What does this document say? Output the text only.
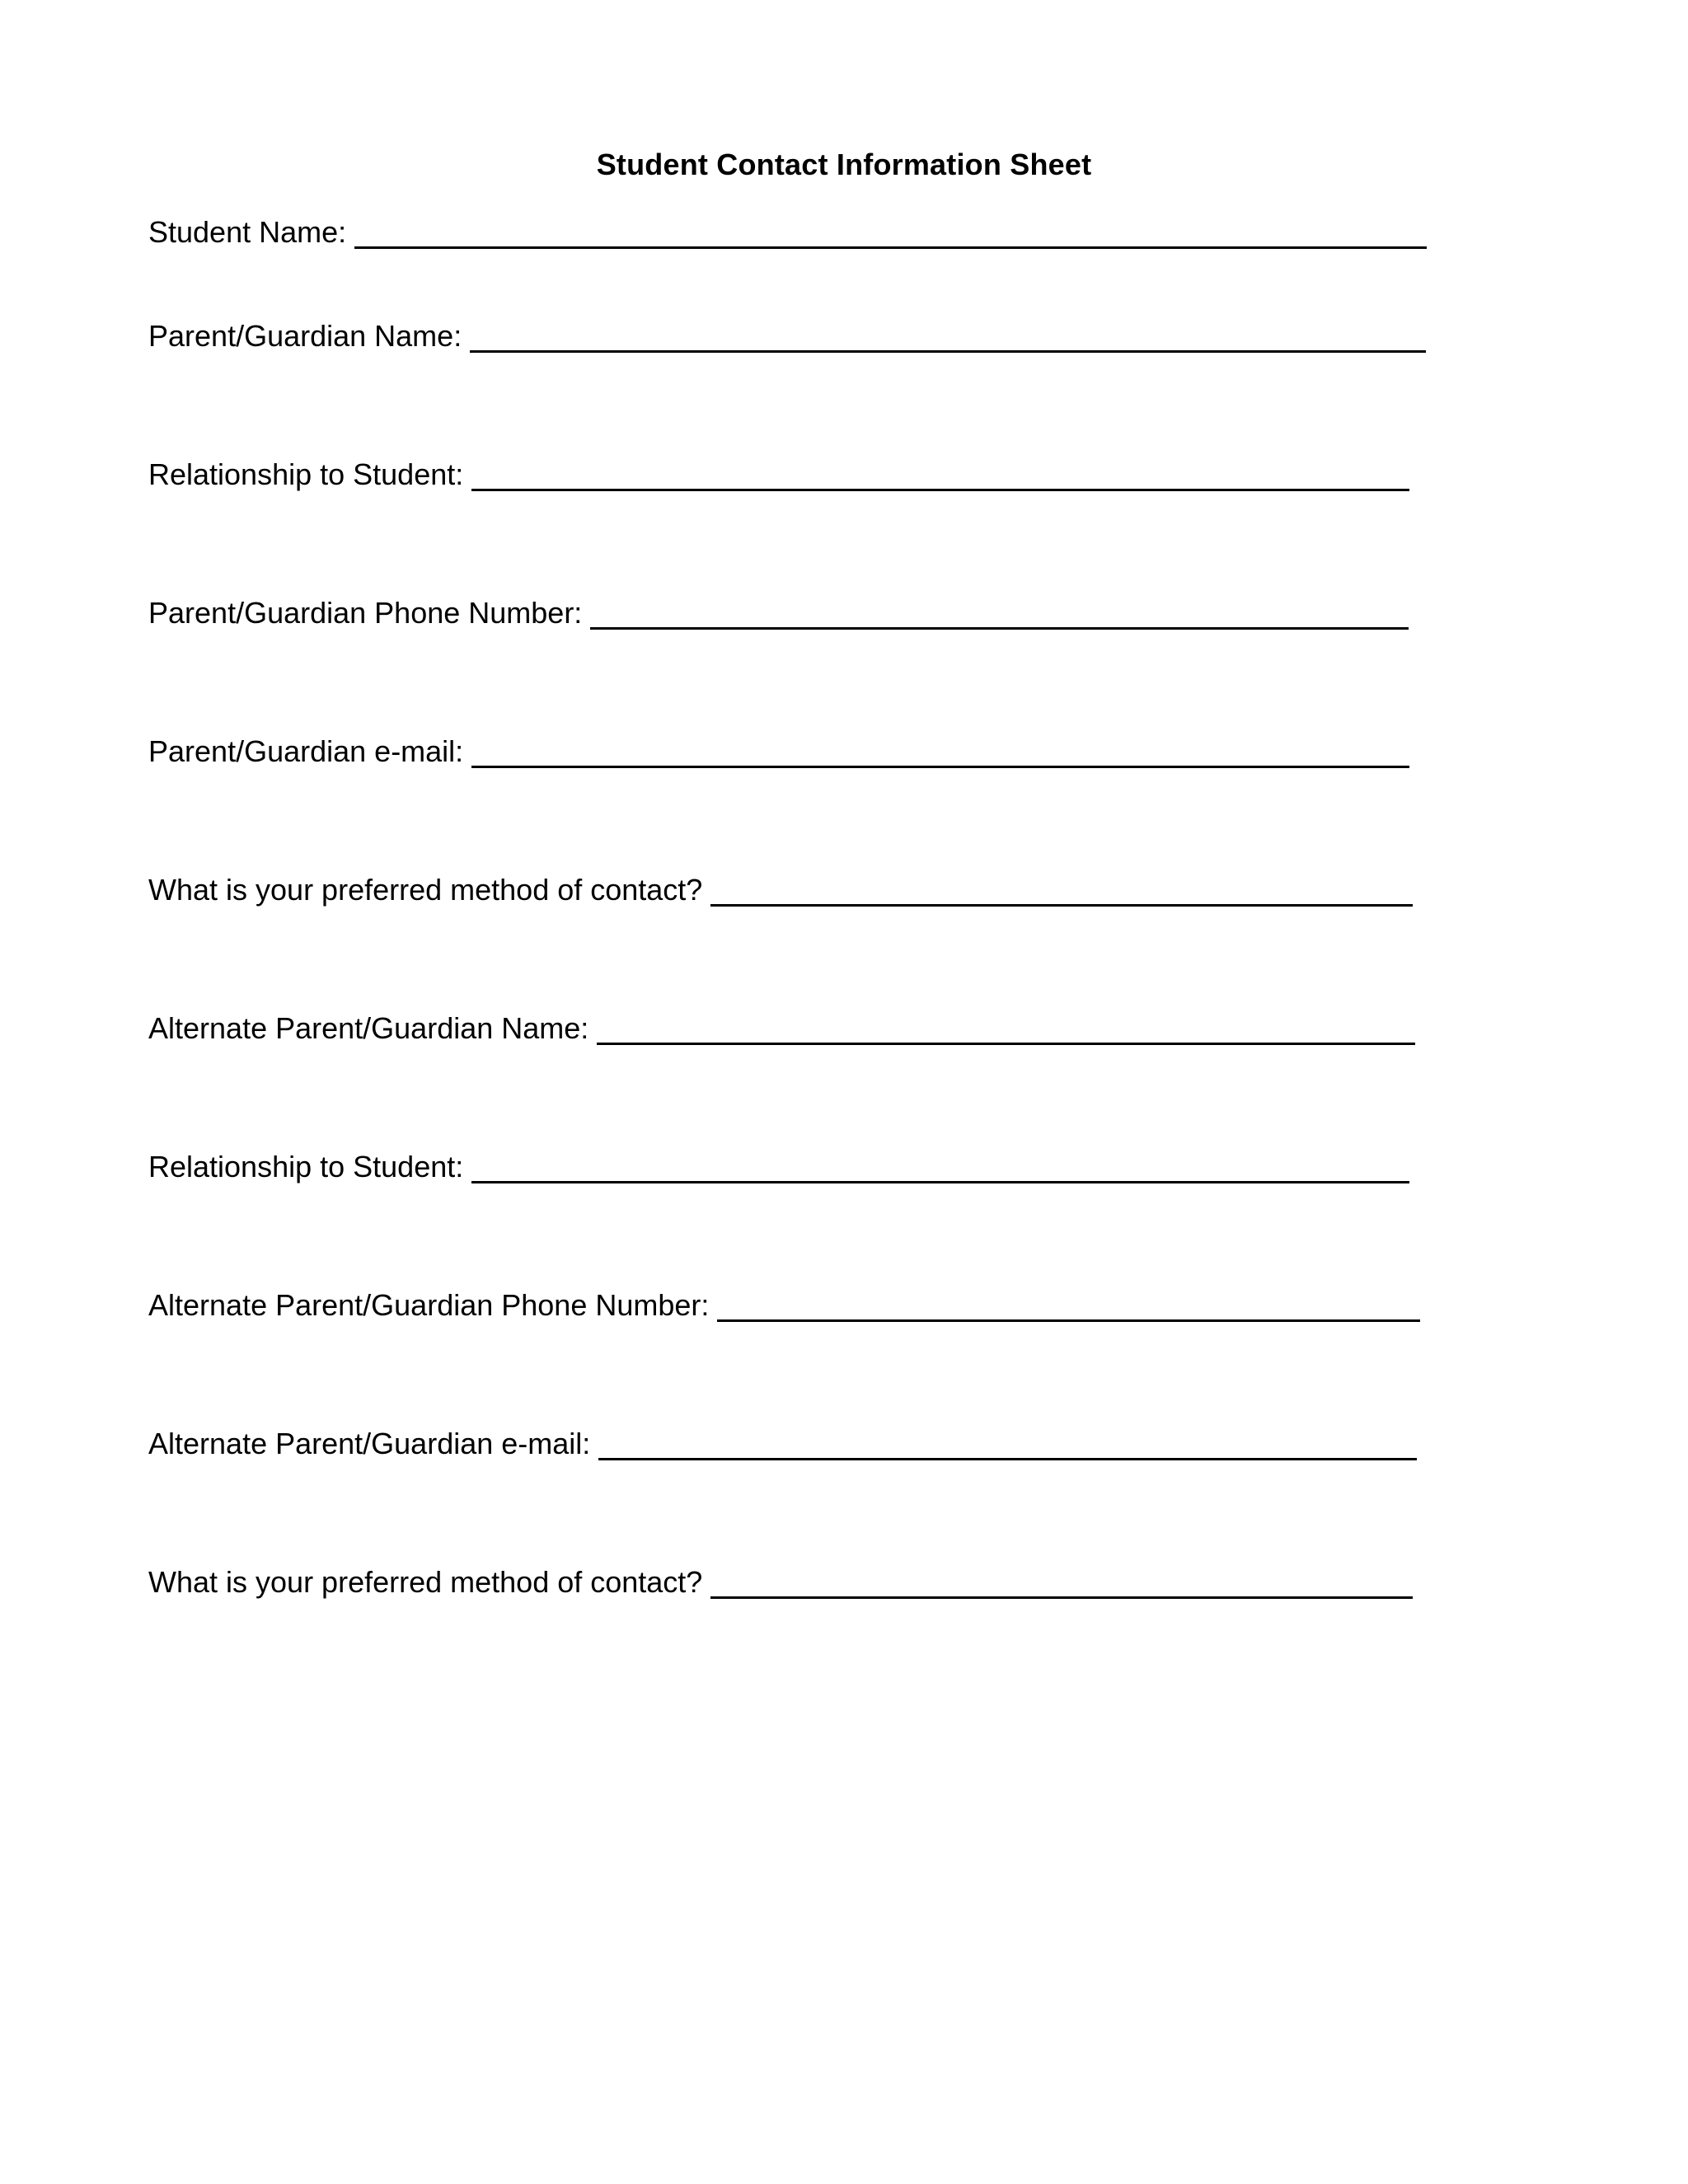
Student Contact Information Sheet
Student Name:
Parent/Guardian Name:
Relationship to Student:
Parent/Guardian Phone Number:
Parent/Guardian e-mail:
What is your preferred method of contact?
Alternate Parent/Guardian Name:
Relationship to Student:
Alternate Parent/Guardian Phone Number:
Alternate Parent/Guardian e-mail:
What is your preferred method of contact?
